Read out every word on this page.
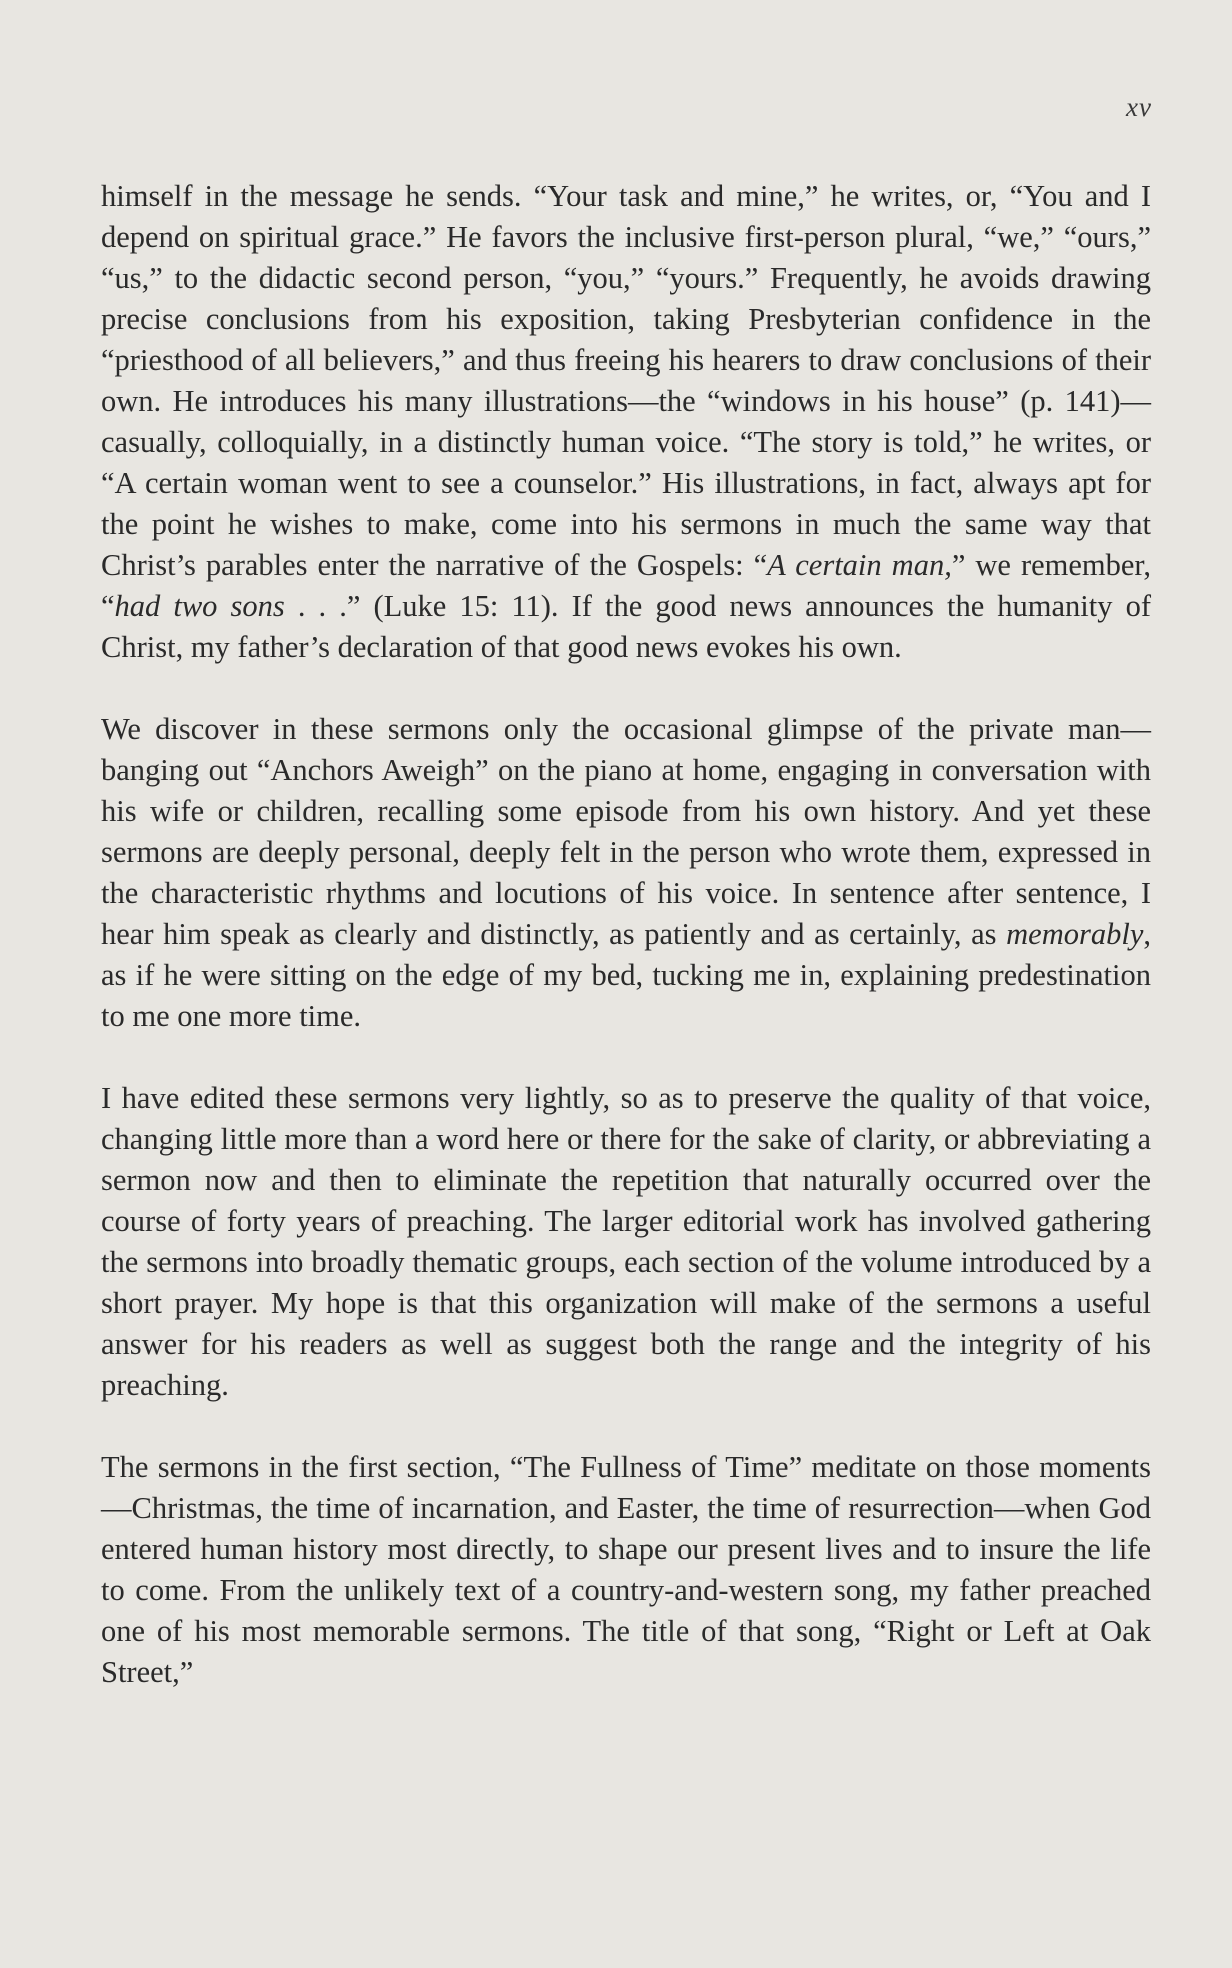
xv

himself in the message he sends. “Your task and mine,” he writes, or, “You and I depend on spiritual grace.” He favors the inclusive first-person plural, “we,” “ours,” “us,” to the didactic second person, “you,” “yours.” Frequently, he avoids drawing precise conclusions from his exposition, taking Presbyterian confidence in the “priesthood of all believers,” and thus freeing his hearers to draw conclusions of their own. He introduces his many illustrations—the “windows in his house” (p. 141)—casually, colloquially, in a distinctly human voice. “The story is told,” he writes, or “A certain woman went to see a counselor.” His illustrations, in fact, always apt for the point he wishes to make, come into his sermons in much the same way that Christ’s parables enter the narrative of the Gospels: “A certain man,” we remember, “had two sons . . .” (Luke 15: 11). If the good news announces the humanity of Christ, my father’s declaration of that good news evokes his own.

We discover in these sermons only the occasional glimpse of the private man—banging out “Anchors Aweigh” on the piano at home, engaging in conversation with his wife or children, recalling some episode from his own history. And yet these sermons are deeply personal, deeply felt in the person who wrote them, expressed in the characteristic rhythms and locutions of his voice. In sentence after sentence, I hear him speak as clearly and distinctly, as patiently and as certainly, as memorably, as if he were sitting on the edge of my bed, tucking me in, explaining predestination to me one more time.

I have edited these sermons very lightly, so as to preserve the quality of that voice, changing little more than a word here or there for the sake of clarity, or abbreviating a sermon now and then to eliminate the repetition that naturally occurred over the course of forty years of preaching. The larger editorial work has involved gathering the sermons into broadly thematic groups, each section of the volume introduced by a short prayer. My hope is that this organization will make of the sermons a useful answer for his readers as well as suggest both the range and the integrity of his preaching.

The sermons in the first section, “The Fullness of Time” meditate on those moments—Christmas, the time of incarnation, and Easter, the time of resurrection—when God entered human history most directly, to shape our present lives and to insure the life to come. From the unlikely text of a country-and-western song, my father preached one of his most memorable sermons. The title of that song, “Right or Left at Oak Street,”
